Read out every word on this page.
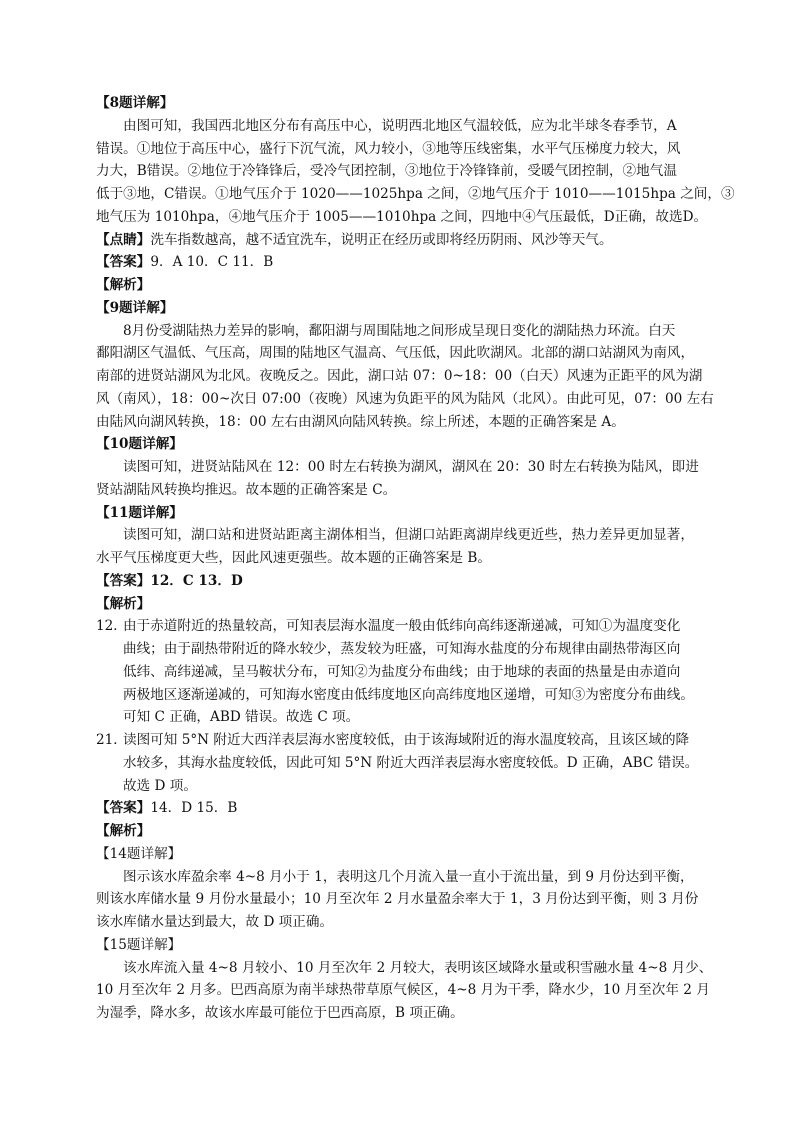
【8题详解】
由图可知，我国西北地区分布有高压中心，说明西北地区气温较低，应为北半球冬春季节，A
错误。①地位于高压中心，盛行下沉气流，风力较小，③地等压线密集，水平气压梯度力较大，风
力大，B错误。②地位于冷锋锋后，受冷气团控制，③地位于冷锋锋前，受暖气团控制，②地气温
低于③地，C错误。①地气压介于 1020——1025hpa 之间，②地气压介于 1010——1015hpa 之间，③
地气压为 1010hpa，④地气压介于 1005——1010hpa 之间，四地中④气压最低，D正确，故选D。
【点睛】洗车指数越高，越不适宜洗车，说明正在经历或即将经历阴雨、风沙等天气。
【答案】9．A 10．C 11．B
【解析】
【9题详解】
8月份受湖陆热力差异的影响，鄱阳湖与周围陆地之间形成呈现日变化的湖陆热力环流。白天
鄱阳湖区气温低、气压高，周围的陆地区气温高、气压低，因此吹湖风。北部的湖口站湖风为南风，
南部的进贤站湖风为北风。夜晚反之。因此，湖口站 07：0~18：00（白天）风速为正距平的风为湖
风（南风），18：00~次日 07:00（夜晚）风速为负距平的风为陆风（北风）。由此可见，07：00 左右
由陆风向湖风转换，18：00 左右由湖风向陆风转换。综上所述，本题的正确答案是 A。
【10题详解】
读图可知，进贤站陆风在 12：00 时左右转换为湖风，湖风在 20：30 时左右转换为陆风，即进
贤站湖陆风转换均推迟。故本题的正确答案是 C。
【11题详解】
读图可知，湖口站和进贤站距离主湖体相当，但湖口站距离湖岸线更近些，热力差异更加显著，
水平气压梯度更大些，因此风速更强些。故本题的正确答案是 B。
【答案】12．C 13．D
【解析】
12．由于赤道附近的热量较高，可知表层海水温度一般由低纬向高纬逐渐递减，可知①为温度变化
曲线；由于副热带附近的降水较少，蒸发较为旺盛，可知海水盐度的分布规律由副热带海区向
低纬、高纬递减，呈马鞍状分布，可知②为盐度分布曲线；由于地球的表面的热量是由赤道向
两极地区逐渐递减的，可知海水密度由低纬度地区向高纬度地区递增，可知③为密度分布曲线。
可知 C 正确，ABD 错误。故选 C 项。
21．读图可知 5°N 附近大西洋表层海水密度较低，由于该海域附近的海水温度较高，且该区域的降
水较多，其海水盐度较低，因此可知 5°N 附近大西洋表层海水密度较低。D 正确，ABC 错误。
故选 D 项。
【答案】14．D 15．B
【解析】
【14题详解】
图示该水库盈余率 4~8 月小于 1，表明这几个月流入量一直小于流出量，到 9 月份达到平衡，
则该水库储水量 9 月份水量最小；10 月至次年 2 月水量盈余率大于 1，3 月份达到平衡，则 3 月份
该水库储水量达到最大，故 D 项正确。
【15题详解】
该水库流入量 4~8 月较小、10 月至次年 2 月较大，表明该区域降水量或积雪融水量 4~8 月少、
10 月至次年 2 月多。巴西高原为南半球热带草原气候区，4~8 月为干季，降水少，10 月至次年 2 月
为湿季，降水多，故该水库最可能位于巴西高原，B 项正确。
